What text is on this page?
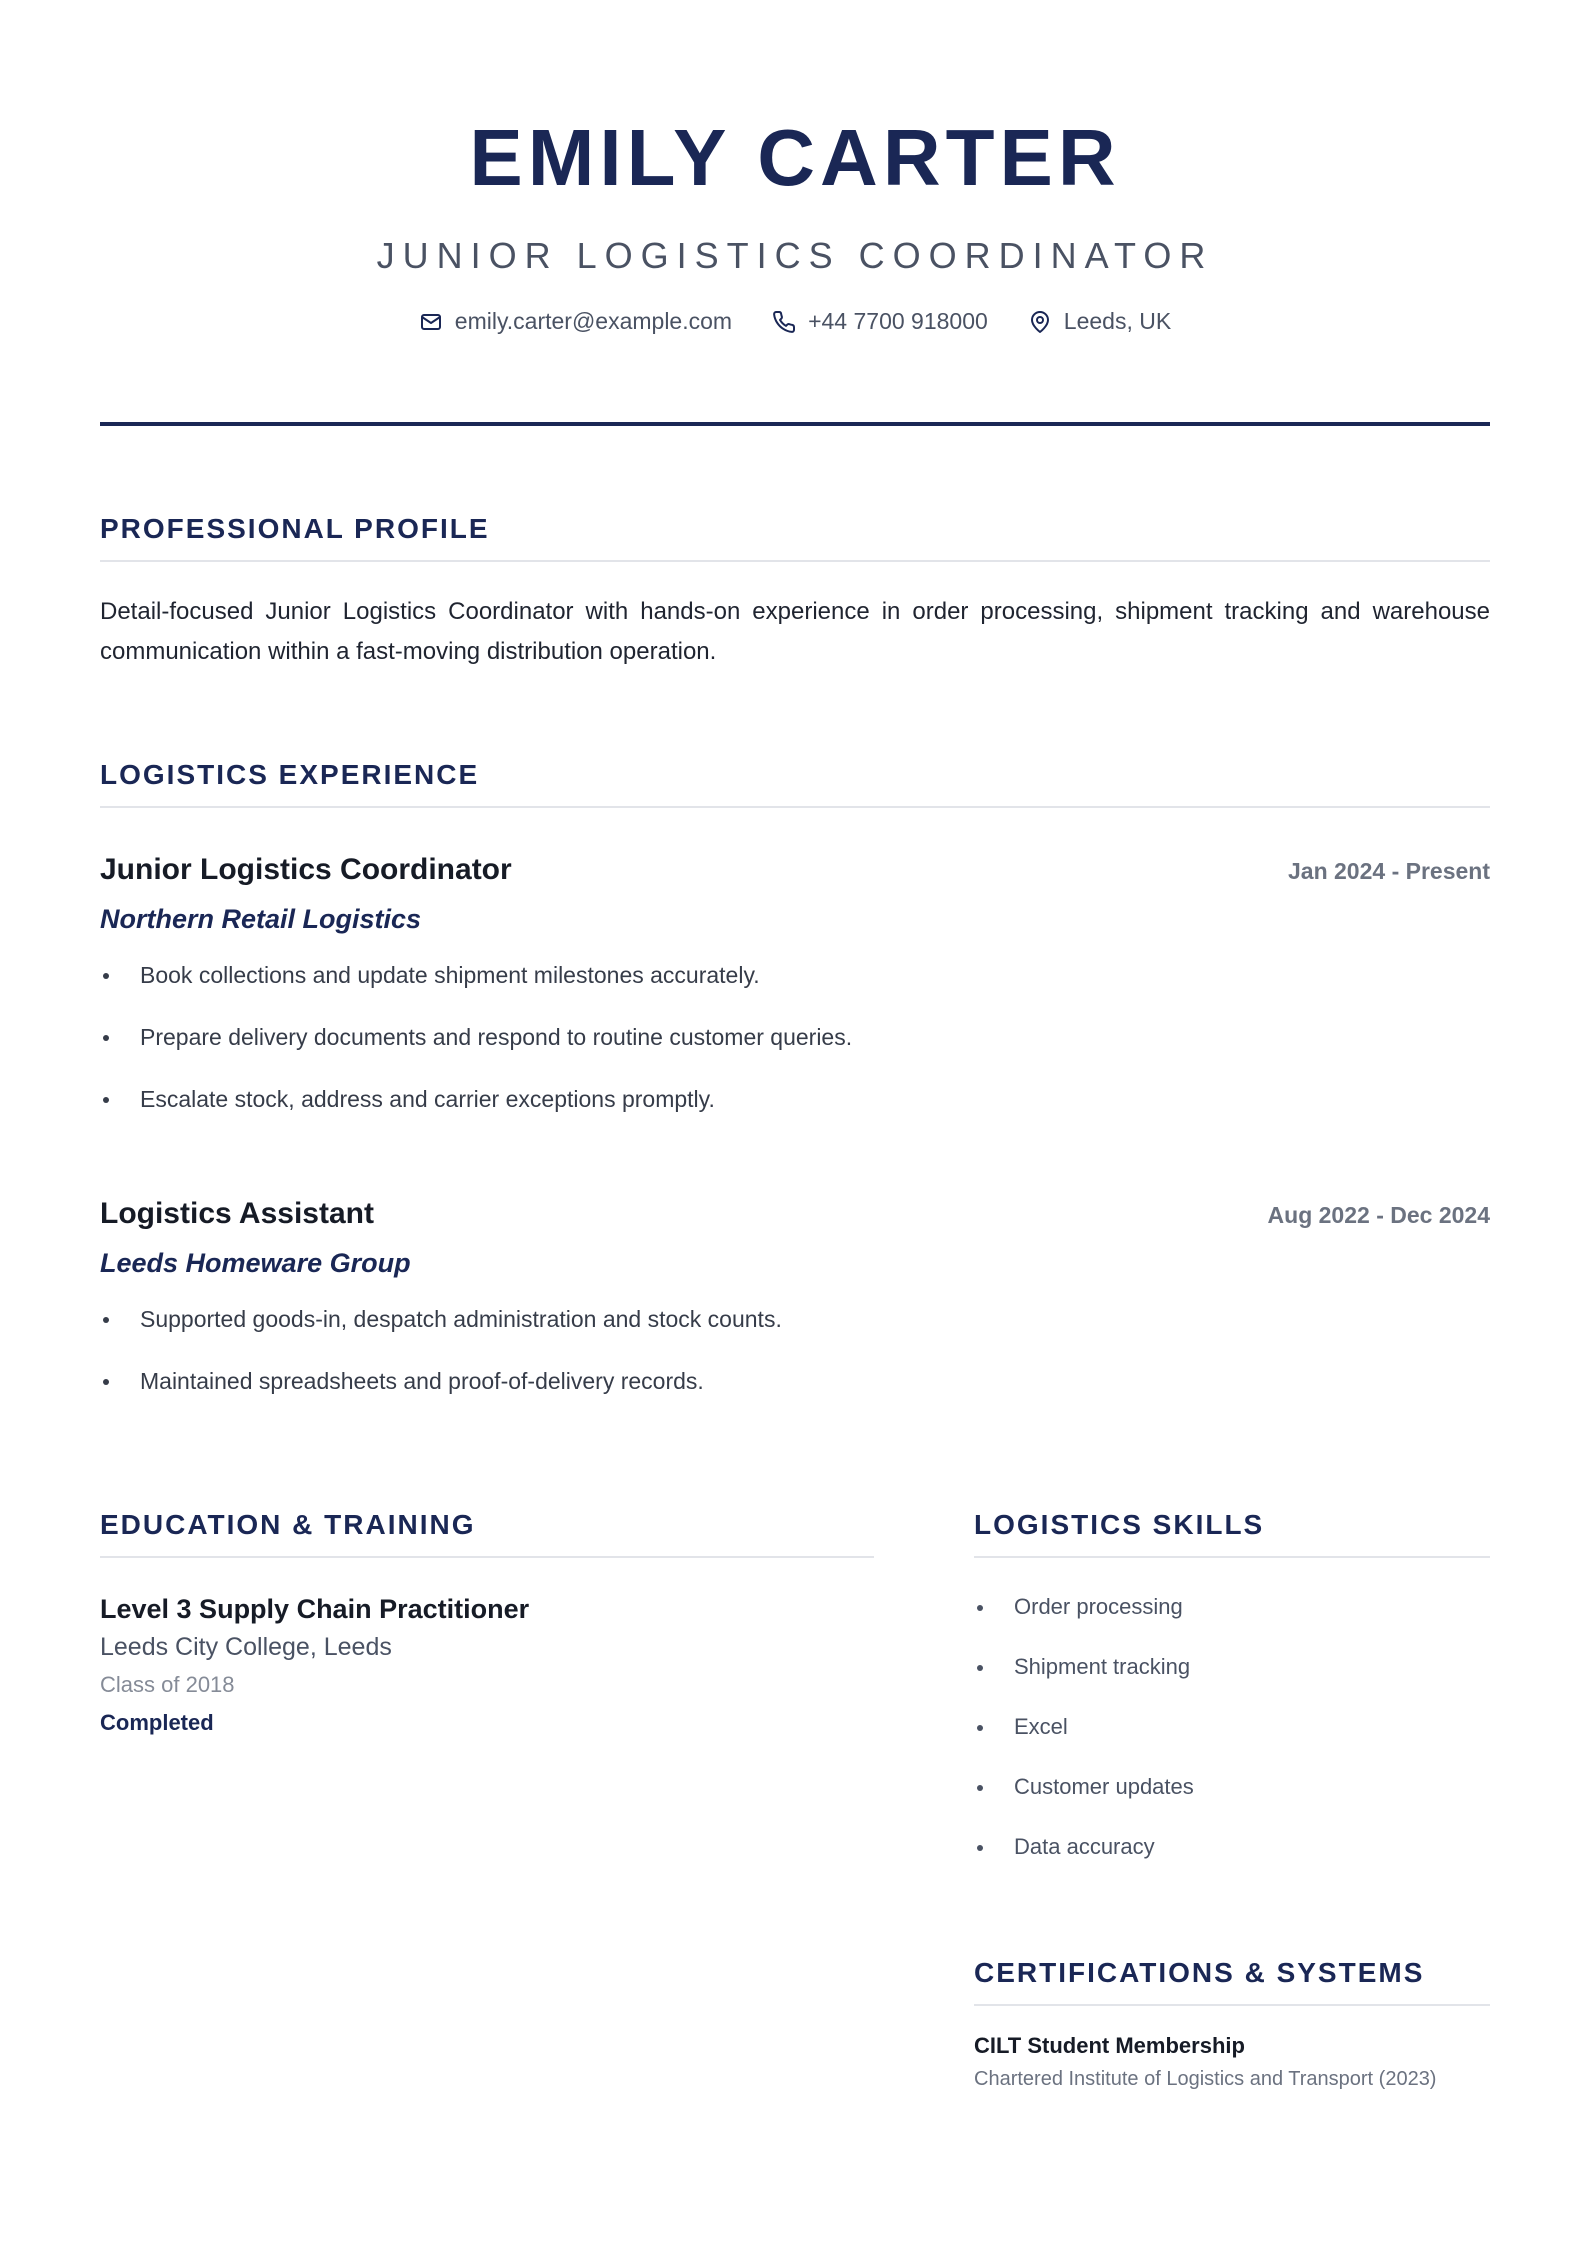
EMILY CARTER
JUNIOR LOGISTICS COORDINATOR
emily.carter@example.com	+44 7700 918000	Leeds, UK
PROFESSIONAL PROFILE
Detail-focused Junior Logistics Coordinator with hands-on experience in order processing, shipment tracking and warehouse communication within a fast-moving distribution operation.
LOGISTICS EXPERIENCE
Junior Logistics Coordinator	Jan 2024 - Present
Northern Retail Logistics
Book collections and update shipment milestones accurately.
Prepare delivery documents and respond to routine customer queries.
Escalate stock, address and carrier exceptions promptly.
Logistics Assistant	Aug 2022 - Dec 2024
Leeds Homeware Group
Supported goods-in, despatch administration and stock counts.
Maintained spreadsheets and proof-of-delivery records.
EDUCATION & TRAINING
Level 3 Supply Chain Practitioner
Leeds City College, Leeds
Class of 2018
Completed
LOGISTICS SKILLS
Order processing
Shipment tracking
Excel
Customer updates
Data accuracy
CERTIFICATIONS & SYSTEMS
CILT Student Membership
Chartered Institute of Logistics and Transport (2023)
